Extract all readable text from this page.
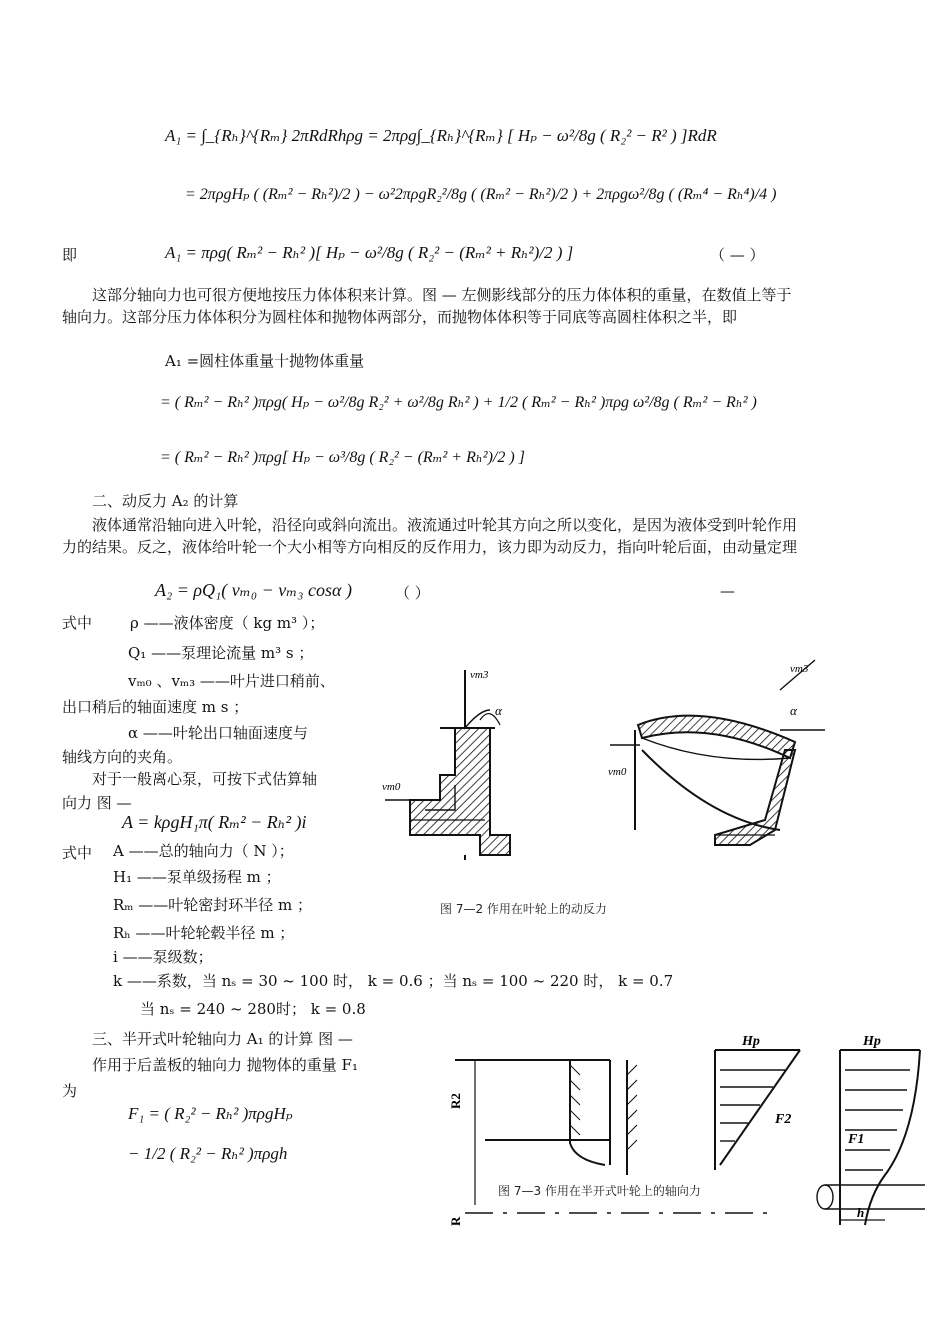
A₁ = ∫_{Rₕ}^{Rₘ} 2πRdRhρg = 2πρg∫_{Rₕ}^{Rₘ} [ Hₚ − ω²/8g ( R₂² − R² ) ]RdR
= 2πρgHₚ ( (Rₘ² − Rₕ²)/2 ) − ω²2πρgR₂²/8g ( (Rₘ² − Rₕ²)/2 ) + 2πρgω²/8g ( (Rₘ⁴ − Rₕ⁴)/4 )
即	A₁ = πρg( Rₘ² − Rₕ² )[ Hₚ − ω²/8g ( R₂² − (Rₘ² + Rₕ²)/2 ) ]	（ — ）
这部分轴向力也可很方便地按压力体体积来计算。图 — 左侧影线部分的压力体体积的重量，在数值上等于轴向力。这部分压力体体积分为圆柱体和抛物体两部分，而抛物体体积等于同底等高圆柱体积之半，即
A₁ =圆柱体重量十抛物体重量
= ( Rₘ² − Rₕ² )πρg( Hₚ − ω²/8g R₂² + ω²/8g Rₕ² ) + 1/2 ( Rₘ² − Rₕ² )πρg ω²/8g ( Rₘ² − Rₕ² )
= ( Rₘ² − Rₕ² )πρg[ Hₚ − ω³/8g ( R₂² − (Rₘ² + Rₕ²)/2 ) ]
二、动反力 A₂ 的计算
液体通常沿轴向进入叶轮，沿径向或斜向流出。液流通过叶轮其方向之所以变化，是因为液体受到叶轮作用力的结果。反之，液体给叶轮一个大小相等方向相反的反作用力，该力即为动反力，指向叶轮后面，由动量定理
A₂ = ρQ₁( vₘ₀ − vₘ₃ cosα )	（ ）	—
式中	ρ ——液体密度（ kg m³ ）；
Q₁ ——泵理论流量 m³ s ；
vₘ₀ 、vₘ₃ ——叶片进口稍前、
出口稍后的轴面速度 m s ；
α ——叶轮出口轴面速度与
轴线方向的夹角。
对于一般离心泵，可按下式估算轴
向力 图 —
A = kρgH₁π( Rₘ² − Rₕ² )i
式中 A ——总的轴向力（ N ）；
H₁ ——泵单级扬程 m ；
Rₘ ——叶轮密封环半径 m ；
Rₕ ——叶轮轮毂半径 m ；
i ——泵级数；
k ——系数，当 nₛ = 30 ~ 100 时， k = 0.6 ；当 nₛ = 100 ~ 220 时， k = 0.7
当 nₛ = 240 ~ 280时； k = 0.8
三、半开式叶轮轴向力 A₁ 的计算 图 —
作用于后盖板的轴向力 抛物体的重量 F₁
为
F₁ = ( R₂² − Rₕ² )πρgHₚ
− 1/2 ( R₂² − Rₕ² )πρgh
vm3
α
vm0
vm3
α
vm0
图 7—2 作用在叶轮上的动反力
R2
R
Hp
F2
Hp
F1
h
图 7—3 作用在半开式叶轮上的轴向力
